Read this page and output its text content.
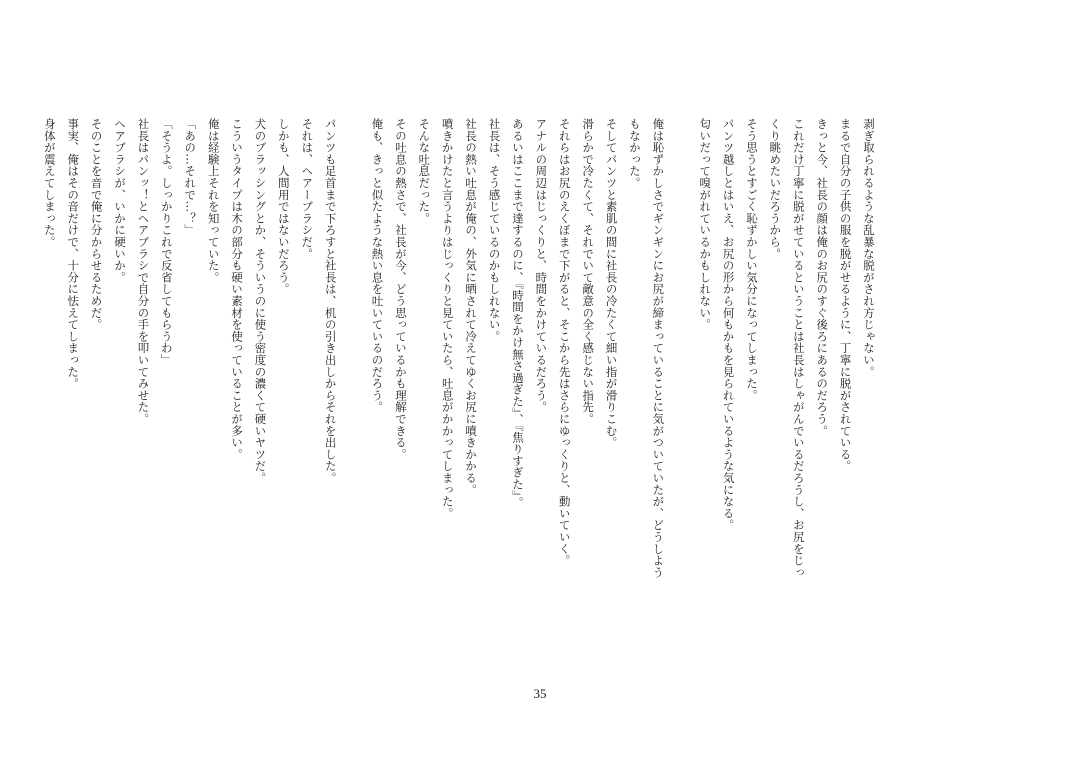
剥ぎ取られるような乱暴な脱がされ方じゃない。
まるで自分の子供の服を脱がせるように、丁寧に脱がされている。
きっと今、社長の顔は俺のお尻のすぐ後ろにあるのだろう。
これだけ丁寧に脱がせているということは社長はしゃがんでいるだろうし、お尻をじっ
くり眺めたいだろうから。
そう思うとすごく恥ずかしい気分になってしまった。
パンツ越しとはいえ、お尻の形から何もかもを見られているような気になる。
匂いだって嗅がれているかもしれない。
俺は恥ずかしさでギンギンにお尻が締まっていることに気がついていたが、どうしよう
もなかった。
そしてパンツと素肌の間に社長の冷たくて細い指が滑りこむ。
滑らかで冷たくて、それでいて敵意の全く感じない指先。
それらはお尻のえくぼまで下がると、そこから先はさらにゆっくりと、動いていく。
アナルの周辺はじっくりと、時間をかけているだろう。
あるいはここまで達するのに、『時間をかけ無さ過ぎた』、『焦りすぎた』。
社長は、そう感じているのかもしれない。
社長の熱い吐息が俺の、外気に晒されて冷えてゆくお尻に噴きかかる。
噴きかけたと言うよりはじっくりと見ていたら、吐息がかかってしまった。
そんな吐息だった。
その吐息の熱さで、社長が今、どう思っているかも理解できる。
俺も、きっと似たような熱い息を吐いているのだろう。
パンツも足首まで下ろすと社長は、机の引き出しからそれを出した。
それは、ヘアーブラシだ。
しかも、人間用ではないだろう。
犬のブラッシングとか、そういうのに使う密度の濃くて硬いヤツだ。
こういうタイプは木の部分も硬い素材を使っていることが多い。
俺は経験上それを知っていた。
「あの…それで…？」
「そうよ。しっかりこれで反省してもらうわ」
社長はパンッ！とヘアブラシで自分の手を叩いてみせた。
ヘアブラシが、いかに硬いか。
そのことを音で俺に分からせるためだ。
事実、俺はその音だけで、十分に怯えてしまった。
身体が震えてしまった。
35
